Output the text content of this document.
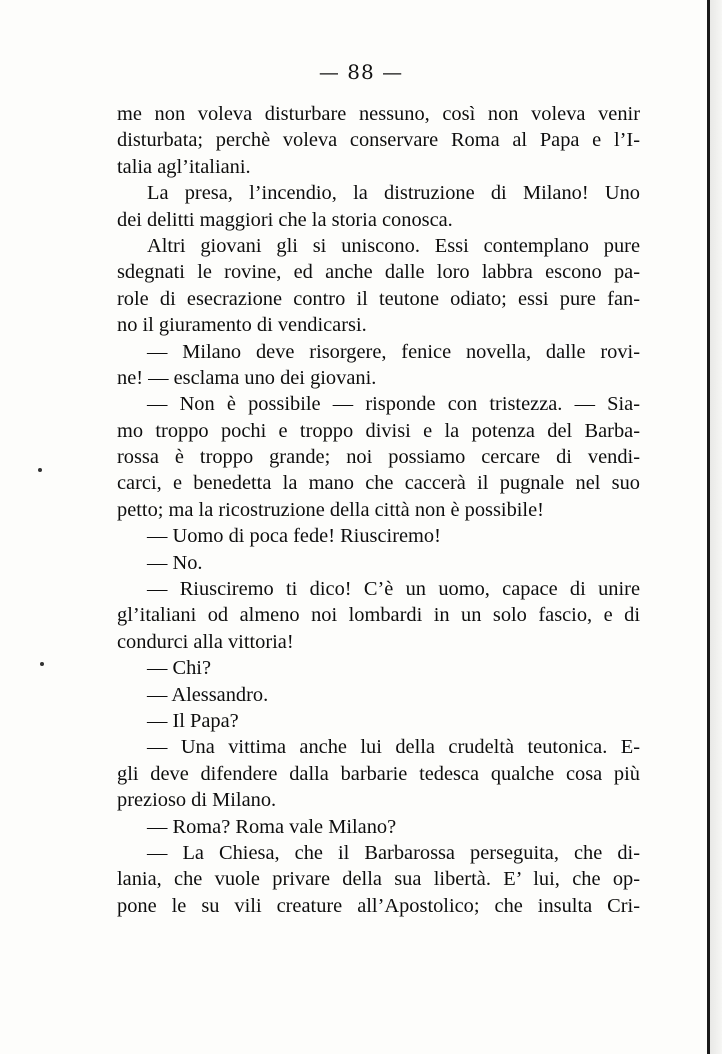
— 88 —
me non voleva disturbare nessuno, così non voleva venir
disturbata; perchè voleva conservare Roma al Papa e l’I-
talia agl’italiani.
La presa, l’incendio, la distruzione di Milano! Uno
dei delitti maggiori che la storia conosca.
Altri giovani gli si uniscono. Essi contemplano pure
sdegnati le rovine, ed anche dalle loro labbra escono pa-
role di esecrazione contro il teutone odiato; essi pure fan-
no il giuramento di vendicarsi.
— Milano deve risorgere, fenice novella, dalle rovi-
ne! — esclama uno dei giovani.
— Non è possibile — risponde con tristezza. — Sia-
mo troppo pochi e troppo divisi e la potenza del Barba-
rossa è troppo grande; noi possiamo cercare di vendi-
carci, e benedetta la mano che caccerà il pugnale nel suo
petto; ma la ricostruzione della città non è possibile!
— Uomo di poca fede! Riusciremo!
— No.
— Riusciremo ti dico! C’è un uomo, capace di unire
gl’italiani od almeno noi lombardi in un solo fascio, e di
condurci alla vittoria!
— Chi?
— Alessandro.
— Il Papa?
— Una vittima anche lui della crudeltà teutonica. E-
gli deve difendere dalla barbarie tedesca qualche cosa più
prezioso di Milano.
— Roma? Roma vale Milano?
— La Chiesa, che il Barbarossa perseguita, che di-
lania, che vuole privare della sua libertà. E’ lui, che op-
pone le su vili creature all’Apostolico; che insulta Cri-
